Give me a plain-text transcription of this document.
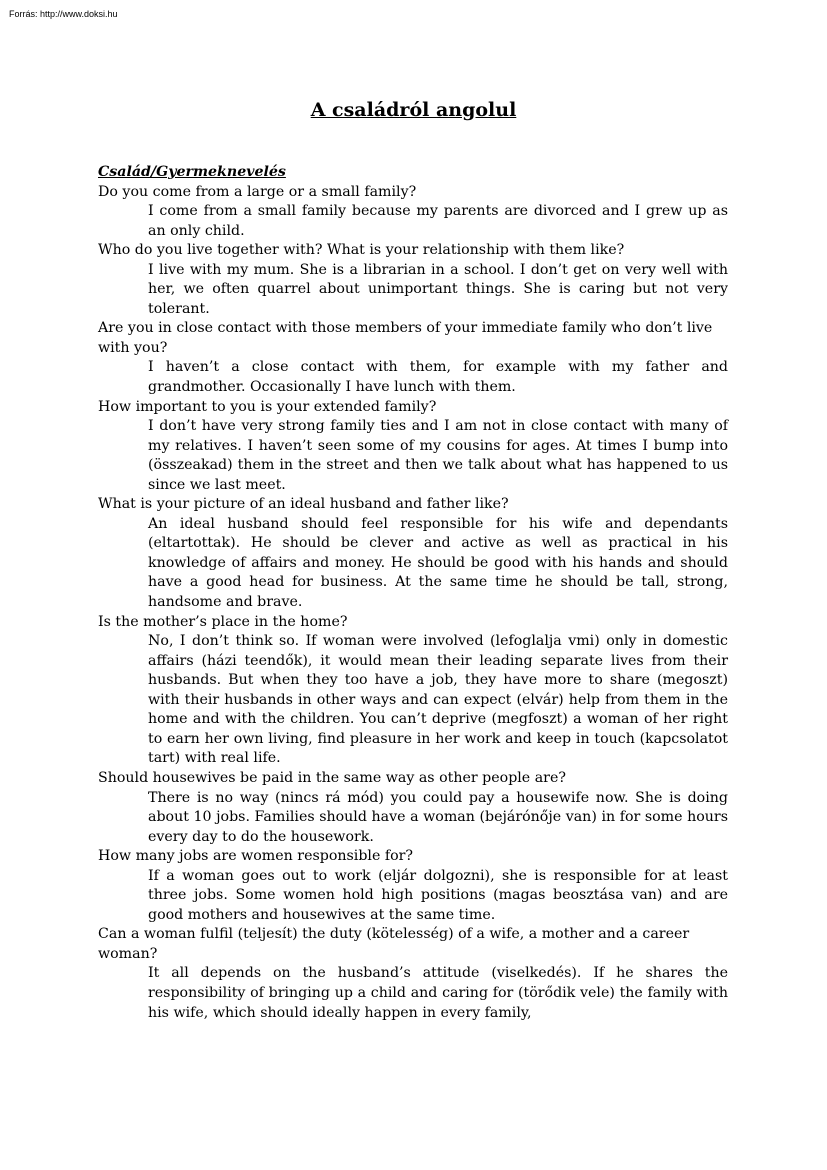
Forrás: http://www.doksi.hu
A családról angolul
Család/Gyermeknevelés

Do you come from a large or a small family?

I come from a small family because my parents are divorced and I grew up as an only child.

Who do you live together with? What is your relationship with them like?

I live with my mum. She is a librarian in a school. I don’t get on very well with her, we often quarrel about unimportant things. She is caring but not very tolerant.

Are you in close contact with those members of your immediate family who don’t live with you?

I haven’t a close contact with them, for example with my father and grandmother. Occasionally I have lunch with them.

How important to you is your extended family?

I don’t have very strong family ties and I am not in close contact with many of my relatives. I haven’t seen some of my cousins for ages. At times I bump into (összeakad) them in the street and then we talk about what has happened to us since we last meet.

What is your picture of an ideal husband and father like?

An ideal husband should feel responsible for his wife and dependants (eltartottak). He should be clever and active as well as practical in his knowledge of affairs and money. He should be good with his hands and should have a good head for business. At the same time he should be tall, strong, handsome and brave.

Is the mother’s place in the home?

No, I don’t think so. If woman were involved (lefoglalja vmi) only in domestic affairs (házi teendők), it would mean their leading separate lives from their husbands. But when they too have a job, they have more to share (megoszt) with their husbands in other ways and can expect (elvár) help from them in the home and with the children. You can’t deprive (megfoszt) a woman of her right to earn her own living, find pleasure in her work and keep in touch (kapcsolatot tart) with real life.

Should housewives be paid in the same way as other people are?

There is no way (nincs rá mód) you could pay a housewife now. She is doing about 10 jobs. Families should have a woman (bejárónője van) in for some hours every day to do the housework.

How many jobs are women responsible for?

If a woman goes out to work (eljár dolgozni), she is responsible for at least three jobs. Some women hold high positions (magas beosztása van) and are good mothers and housewives at the same time.

Can a woman fulfil (teljesít) the duty (kötelesség) of a wife, a mother and a career woman?

It all depends on the husband’s attitude (viselkedés). If he shares the responsibility of bringing up a child and caring for (törődik vele) the family with his wife, which should ideally happen in every family,
